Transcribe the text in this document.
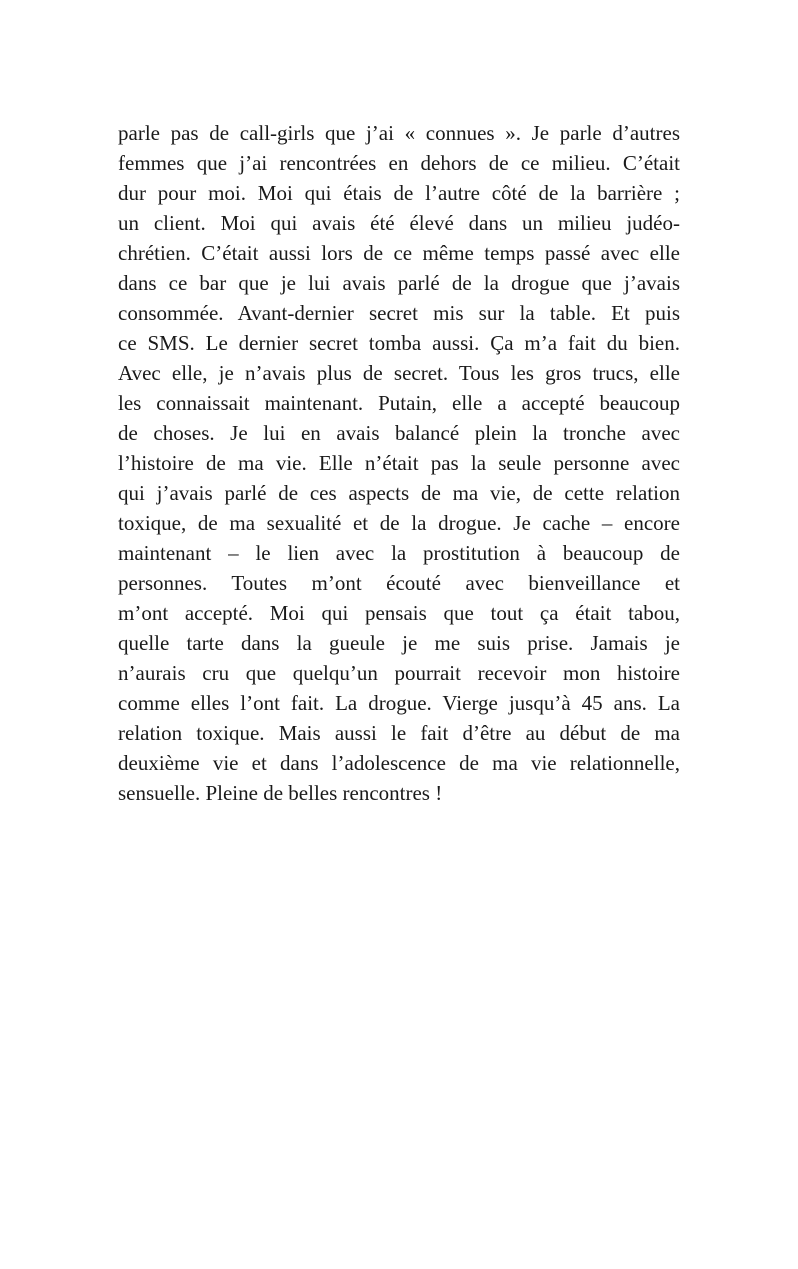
parle pas de call-girls que j’ai « connues ». Je parle d’autres
femmes que j’ai rencontrées en dehors de ce milieu. C’était
dur pour moi. Moi qui étais de l’autre côté de la barrière ;
un client. Moi qui avais été élevé dans un milieu judéo-
chrétien. C’était aussi lors de ce même temps passé avec elle
dans ce bar que je lui avais parlé de la drogue que j’avais
consommée. Avant-dernier secret mis sur la table. Et puis
ce SMS. Le dernier secret tomba aussi. Ça m’a fait du bien.
Avec elle, je n’avais plus de secret. Tous les gros trucs, elle
les connaissait maintenant. Putain, elle a accepté beaucoup
de choses. Je lui en avais balancé plein la tronche avec
l’histoire de ma vie. Elle n’était pas la seule personne avec
qui j’avais parlé de ces aspects de ma vie, de cette relation
toxique, de ma sexualité et de la drogue. Je cache – encore
maintenant – le lien avec la prostitution à beaucoup de
personnes. Toutes m’ont écouté avec bienveillance et
m’ont accepté. Moi qui pensais que tout ça était tabou,
quelle tarte dans la gueule je me suis prise. Jamais je
n’aurais cru que quelqu’un pourrait recevoir mon histoire
comme elles l’ont fait. La drogue. Vierge jusqu’à 45 ans. La
relation toxique. Mais aussi le fait d’être au début de ma
deuxième vie et dans l’adolescence de ma vie relationnelle,
sensuelle. Pleine de belles rencontres !
